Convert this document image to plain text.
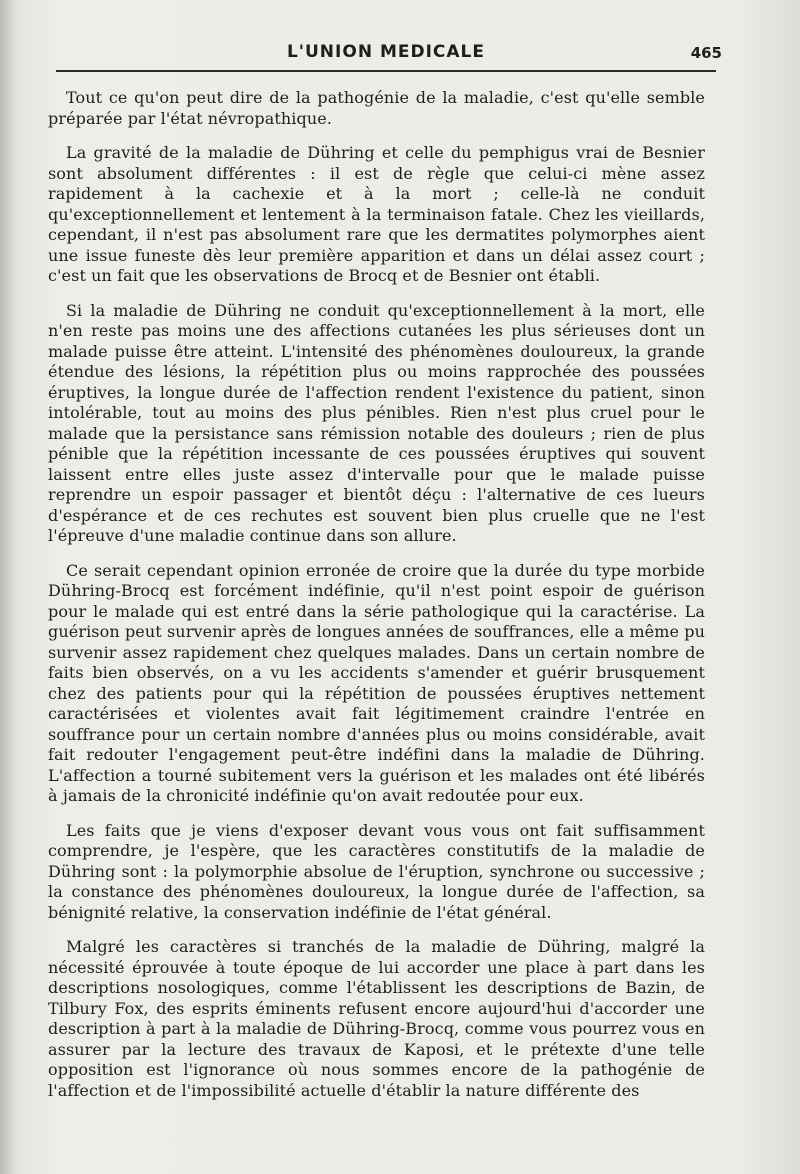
L'UNION MEDICALE	465

Tout ce qu'on peut dire de la pathogénie de la maladie, c'est qu'elle semble préparée par l'état névropathique.

La gravité de la maladie de Dühring et celle du pemphigus vrai de Besnier sont absolument différentes : il est de règle que celui-ci mène assez rapidement à la cachexie et à la mort ; celle-là ne conduit qu'exceptionnellement et lentement à la terminaison fatale. Chez les vieillards, cependant, il n'est pas absolument rare que les dermatites polymorphes aient une issue funeste dès leur première apparition et dans un délai assez court ; c'est un fait que les observations de Brocq et de Besnier ont établi.

Si la maladie de Dühring ne conduit qu'exceptionnellement à la mort, elle n'en reste pas moins une des affections cutanées les plus sérieuses dont un malade puisse être atteint. L'intensité des phénomènes douloureux, la grande étendue des lésions, la répétition plus ou moins rapprochée des poussées éruptives, la longue durée de l'affection rendent l'existence du patient, sinon intolérable, tout au moins des plus pénibles. Rien n'est plus cruel pour le malade que la persistance sans rémission notable des douleurs ; rien de plus pénible que la répétition incessante de ces poussées éruptives qui souvent laissent entre elles juste assez d'intervalle pour que le malade puisse reprendre un espoir passager et bientôt déçu : l'alternative de ces lueurs d'espérance et de ces rechutes est souvent bien plus cruelle que ne l'est l'épreuve d'une maladie continue dans son allure.

Ce serait cependant opinion erronée de croire que la durée du type morbide Dühring-Brocq est forcément indéfinie, qu'il n'est point espoir de guérison pour le malade qui est entré dans la série pathologique qui la caractérise. La guérison peut survenir après de longues années de souffrances, elle a même pu survenir assez rapidement chez quelques malades. Dans un certain nombre de faits bien observés, on a vu les accidents s'amender et guérir brusquement chez des patients pour qui la répétition de poussées éruptives nettement caractérisées et violentes avait fait légitimement craindre l'entrée en souffrance pour un certain nombre d'années plus ou moins considérable, avait fait redouter l'engagement peut-être indéfini dans la maladie de Dühring. L'affection a tourné subitement vers la guérison et les malades ont été libérés à jamais de la chronicité indéfinie qu'on avait redoutée pour eux.

Les faits que je viens d'exposer devant vous vous ont fait suffisamment comprendre, je l'espère, que les caractères constitutifs de la maladie de Dühring sont : la polymorphie absolue de l'éruption, synchrone ou successive ; la constance des phénomènes douloureux, la longue durée de l'affection, sa bénignité relative, la conservation indéfinie de l'état général.

Malgré les caractères si tranchés de la maladie de Dühring, malgré la nécessité éprouvée à toute époque de lui accorder une place à part dans les descriptions nosologiques, comme l'établissent les descriptions de Bazin, de Tilbury Fox, des esprits éminents refusent encore aujourd'hui d'accorder une description à part à la maladie de Dühring-Brocq, comme vous pourrez vous en assurer par la lecture des travaux de Kaposi, et le prétexte d'une telle opposition est l'ignorance où nous sommes encore de la pathogénie de l'affection et de l'impossibilité actuelle d'établir la nature différente des
